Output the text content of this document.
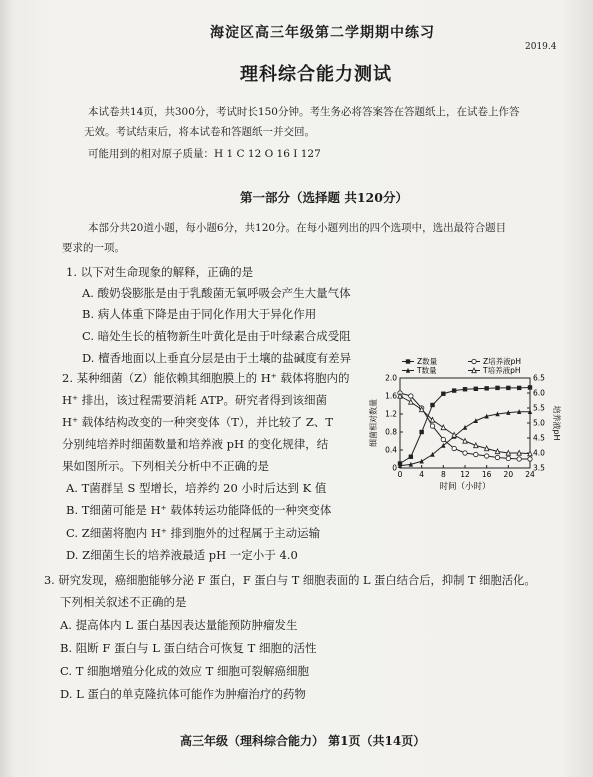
海淀区高三年级第二学期期中练习
2019.4
理科综合能力测试
本试卷共14页，共300分，考试时长150分钟。考生务必将答案答在答题纸上，在试卷上作答
无效。考试结束后，将本试卷和答题纸一并交回。
可能用到的相对原子质量：H 1 C 12 O 16 I 127
第一部分（选择题 共120分）
本部分共20道小题，每小题6分，共120分。在每小题列出的四个选项中，选出最符合题目
要求的一项。
1. 以下对生命现象的解释，正确的是
A. 酸奶袋膨胀是由于乳酸菌无氧呼吸会产生大量气体
B. 病人体重下降是由于同化作用大于异化作用
C. 暗处生长的植物新生叶黄化是由于叶绿素合成受阻
D. 檀香地面以上垂直分层是由于土壤的盐碱度有差异
2. 某种细菌（Z）能依赖其细胞膜上的 H⁺ 载体将胞内的
H⁺ 排出，该过程需要消耗 ATP。研究者得到该细菌
H⁺ 载体结构改变的一种突变体（T），并比较了 Z、T
分别纯培养时细菌数量和培养液 pH 的变化规律，结
果如图所示。下列相关分析中不正确的是
A. T菌群呈 S 型增长，培养约 20 小时后达到 K 值
B. T细菌可能是 H⁺ 载体转运功能降低的一种突变体
C. Z细菌将胞内 H⁺ 排到胞外的过程属于主动运输
D. Z细菌生长的培养液最适 pH 一定小于 4.0
3. 研究发现，癌细胞能够分泌 F 蛋白，F 蛋白与 T 细胞表面的 L 蛋白结合后，抑制 T 细胞活化。
下列相关叙述不正确的是
A. 提高体内 L 蛋白基因表达量能预防肿瘤发生
B. 阻断 F 蛋白与 L 蛋白结合可恢复 T 细胞的活性
C. T 细胞增殖分化成的效应 T 细胞可裂解癌细胞
D. L 蛋白的单克隆抗体可能作为肿瘤治疗的药物
高三年级（理科综合能力） 第1页（共14页）
0 4 8 12 16 20 24
0
0.4
0.8
1.2
1.6
2.0
3.5
4.0
4.5
5.0
5.5
6.0
6.5
时间（小时）
细菌相对数量	培养液pH
Z数量	Z培养液pH
T数量	T培养液pH
